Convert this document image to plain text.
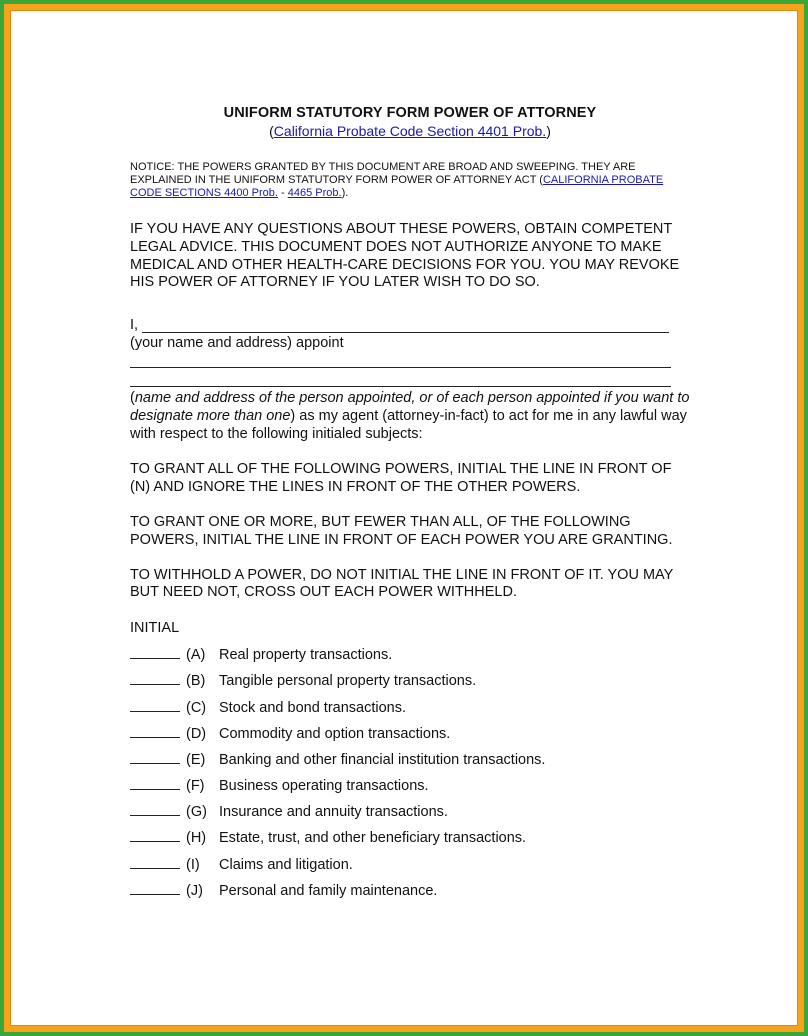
UNIFORM STATUTORY FORM POWER OF ATTORNEY

(California Probate Code Section 4401 Prob.)

NOTICE: THE POWERS GRANTED BY THIS DOCUMENT ARE BROAD AND SWEEPING. THEY ARE EXPLAINED IN THE UNIFORM STATUTORY FORM POWER OF ATTORNEY ACT (CALIFORNIA PROBATE CODE SECTIONS 4400 Prob. - 4465 Prob.).

IF YOU HAVE ANY QUESTIONS ABOUT THESE POWERS, OBTAIN COMPETENT LEGAL ADVICE. THIS DOCUMENT DOES NOT AUTHORIZE ANYONE TO MAKE MEDICAL AND OTHER HEALTH-CARE DECISIONS FOR YOU. YOU MAY REVOKE HIS POWER OF ATTORNEY IF YOU LATER WISH TO DO SO.

I,

(your name and address) appoint

(name and address of the person appointed, or of each person appointed if you want to designate more than one) as my agent (attorney-in-fact) to act for me in any lawful way with respect to the following initialed subjects:

TO GRANT ALL OF THE FOLLOWING POWERS, INITIAL THE LINE IN FRONT OF (N) AND IGNORE THE LINES IN FRONT OF THE OTHER POWERS.

TO GRANT ONE OR MORE, BUT FEWER THAN ALL, OF THE FOLLOWING POWERS, INITIAL THE LINE IN FRONT OF EACH POWER YOU ARE GRANTING.

TO WITHHOLD A POWER, DO NOT INITIAL THE LINE IN FRONT OF IT. YOU MAY BUT NEED NOT, CROSS OUT EACH POWER WITHHELD.

INITIAL
(A) Real property transactions.
(B) Tangible personal property transactions.
(C) Stock and bond transactions.
(D) Commodity and option transactions.
(E) Banking and other financial institution transactions.
(F) Business operating transactions.
(G) Insurance and annuity transactions.
(H) Estate, trust, and other beneficiary transactions.
(I)	Claims and litigation.
(J)	Personal and family maintenance.
